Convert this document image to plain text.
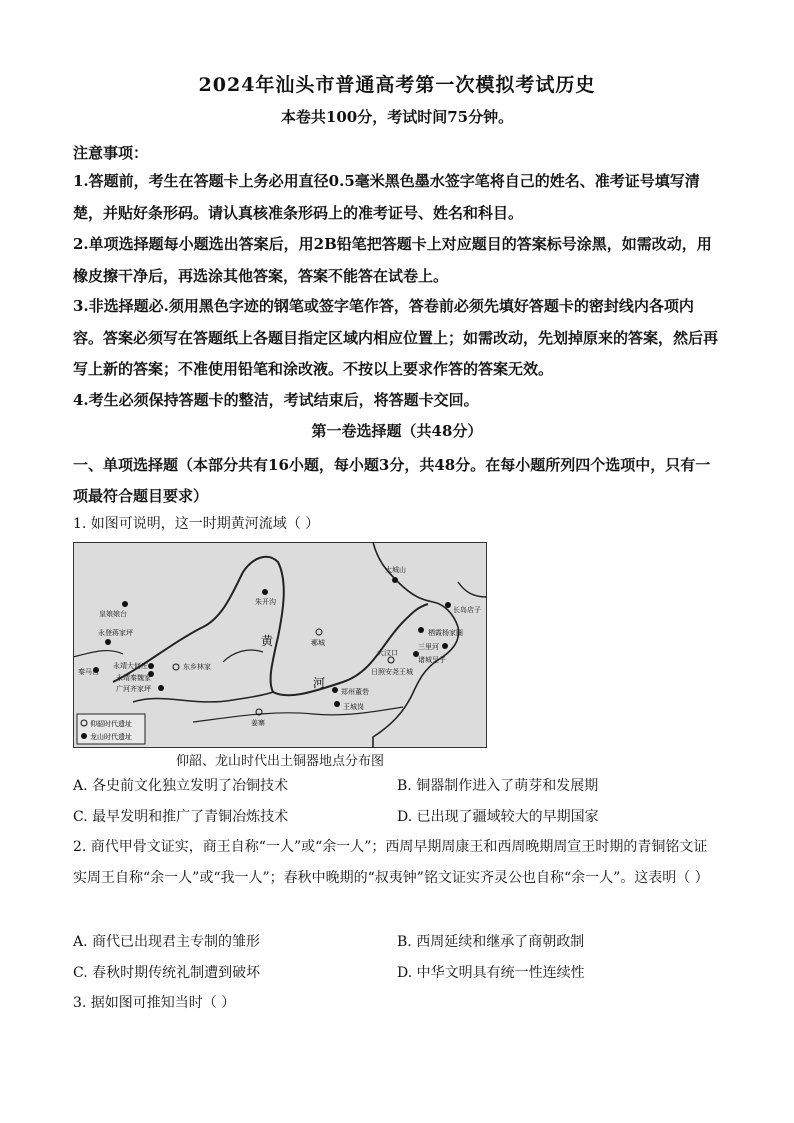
2024年汕头市普通高考第一次模拟考试历史
本卷共100分，考试时间75分钟。
注意事项：
1.答题前，考生在答题卡上务必用直径0.5毫米黑色墨水签字笔将自己的姓名、准考证号填写清楚，并贴好条形码。请认真核准条形码上的准考证号、姓名和科目。
2.单项选择题每小题选出答案后，用2B铅笔把答题卡上对应题目的答案标号涂黑，如需改动，用橡皮擦干净后，再选涂其他答案，答案不能答在试卷上。
3.非选择题必.须用黑色字迹的钢笔或签字笔作答，答卷前必须先填好答题卡的密封线内各项内容。答案必须写在答题纸上各题目指定区域内相应位置上；如需改动，先划掉原来的答案，然后再写上新的答案；不准使用铅笔和涂改液。不按以上要求作答的答案无效。
4.考生必须保持答题卡的整洁，考试结束后，将答题卡交回。
第一卷选择题（共48分）
一、单项选择题（本部分共有16小题，每小题3分，共48分。在每小题所列四个选项中，只有一项最符合题目要求）
1. 如图可说明，这一时期黄河流域（ ）
黄
河
大城山
朱开沟
皇娘娘台	长岛店子
栖霞杨家圈
三里河
鄩城
永登蒋家坪
诸城呈子
东乡林家
大汶口
日照安尧王城
秦马台
永靖大何庄
永靖秦魏家
广河齐家坪	郑州董砦
王城岗
姜寨
仰韶时代遗址
龙山时代遗址
仰韶、龙山时代出土铜器地点分布图
A. 各史前文化独立发明了冶铜技术	B. 铜器制作进入了萌芽和发展期
C. 最早发明和推广了青铜冶炼技术	D. 已出现了疆域较大的早期国家
2. 商代甲骨文证实，商王自称“一人”或“余一人”；西周早期周康王和西周晚期周宣王时期的青铜铭文证实周王自称“余一人”或“我一人”；春秋中晚期的“叔夷钟”铭文证实齐灵公也自称“余一人”。这表明（ ）
A. 商代已出现君主专制的雏形	B. 西周延续和继承了商朝政制
C. 春秋时期传统礼制遭到破坏	D. 中华文明具有统一性连续性
3. 据如图可推知当时（ ）
